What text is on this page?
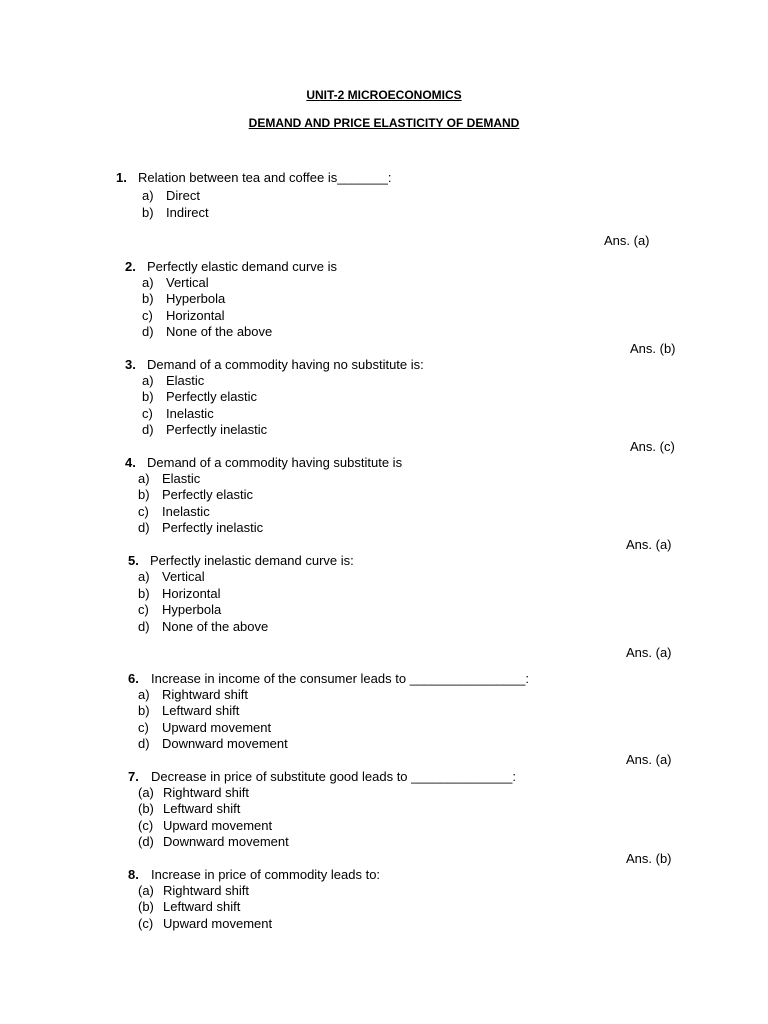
UNIT-2 MICROECONOMICS
DEMAND AND PRICE ELASTICITY OF DEMAND
1. Relation between tea and coffee is_______:
a) Direct
b) Indirect
Ans. (a)
2. Perfectly elastic demand curve is
a) Vertical
b) Hyperbola
c) Horizontal
d) None of the above
Ans. (b)
3. Demand of a commodity having no substitute is:
a) Elastic
b) Perfectly elastic
c) Inelastic
d) Perfectly inelastic
Ans. (c)
4. Demand of a commodity having substitute is
a) Elastic
b) Perfectly elastic
c) Inelastic
d) Perfectly inelastic
Ans. (a)
5. Perfectly inelastic demand curve is:
a) Vertical
b) Horizontal
c) Hyperbola
d) None of the above
Ans. (a)
6. Increase in income of the consumer leads to ________________:
a) Rightward shift
b) Leftward shift
c) Upward movement
d) Downward movement
Ans. (a)
7. Decrease in price of substitute good leads to ______________:
(a) Rightward shift
(b) Leftward shift
(c) Upward movement
(d) Downward movement
Ans. (b)
8. Increase in price of commodity leads to:
(a) Rightward shift
(b) Leftward shift
(c) Upward movement
